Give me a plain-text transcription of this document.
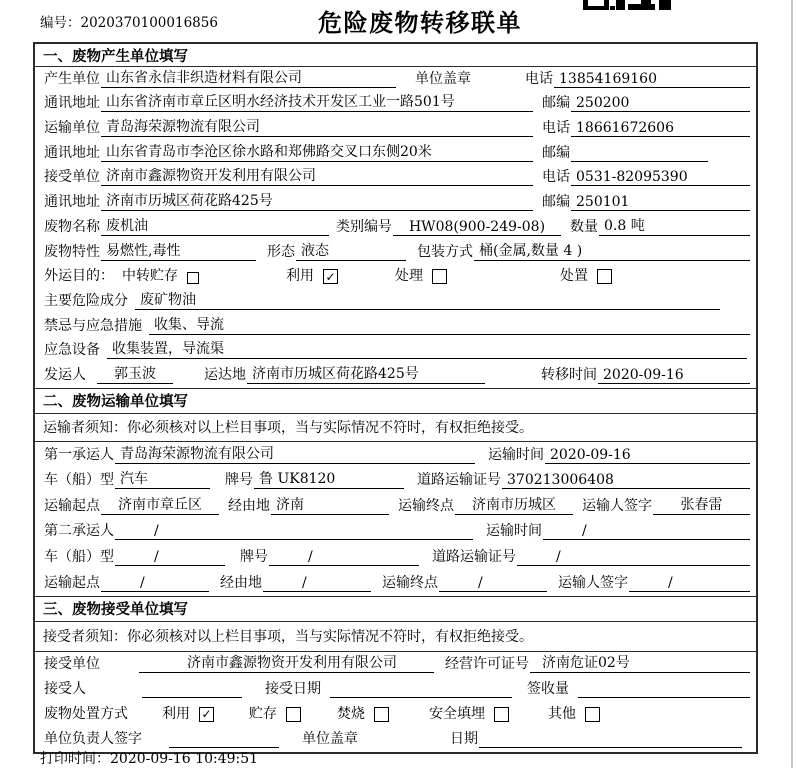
编号：2020370100016856	危险废物转移联单
一、废物产生单位填写
产生单位 山东省永信非织造材料有限公司	单位盖章	电话 13854169160
通讯地址 山东省济南市章丘区明水经济技术开发区工业一路501号	邮编 250200
运输单位 青岛海荣源物流有限公司	电话 18661672606
通讯地址 山东省青岛市李沧区徐水路和郑佛路交叉口东侧20米	邮编
接受单位 济南市鑫源物资开发利用有限公司	电话 0531-82095390
通讯地址 济南市历城区荷花路425号	邮编 250101
废物名称 废机油	类别编号	HW08(900-249-08)	数量 0.8 吨
废物特性 易燃性,毒性	形态 液态	包装方式 桶(金属,数量 4 )
外运目的： 中转贮存	利用 ✓	处理	处置
主要危险成分 废矿物油
禁忌与应急措施 收集、导流
应急设备 收集装置，导流渠
发运人	郭玉波	运达地 济南市历城区荷花路425号	转移时间 2020-09-16
二、废物运输单位填写
运输者须知：你必须核对以上栏目事项，当与实际情况不符时，有权拒绝接受。
第一承运人 青岛海荣源物流有限公司	运输时间 2020-09-16
车（船）型 汽车	牌号 鲁 UK8120	道路运输证号 370213006408
运输起点	济南市章丘区	经由地 济南	运输终点	济南市历城区	运输人签字	张春雷
第二承运人	/	运输时间	/
车（船）型	/	牌号	/	道路运输证号	/
运输起点	/	经由地	/	运输终点	/	运输人签字	/
三、废物接受单位填写
接受者须知：你必须核对以上栏目事项，当与实际情况不符时，有权拒绝接受。
接受单位	济南市鑫源物资开发利用有限公司	经营许可证号 济南危证02号
接受人	接受日期	签收量
废物处置方式 利用 ✓	贮存	焚烧	安全填埋	其他
单位负责人签字	单位盖章	日期
打印时间：2020-09-16 10:49:51
